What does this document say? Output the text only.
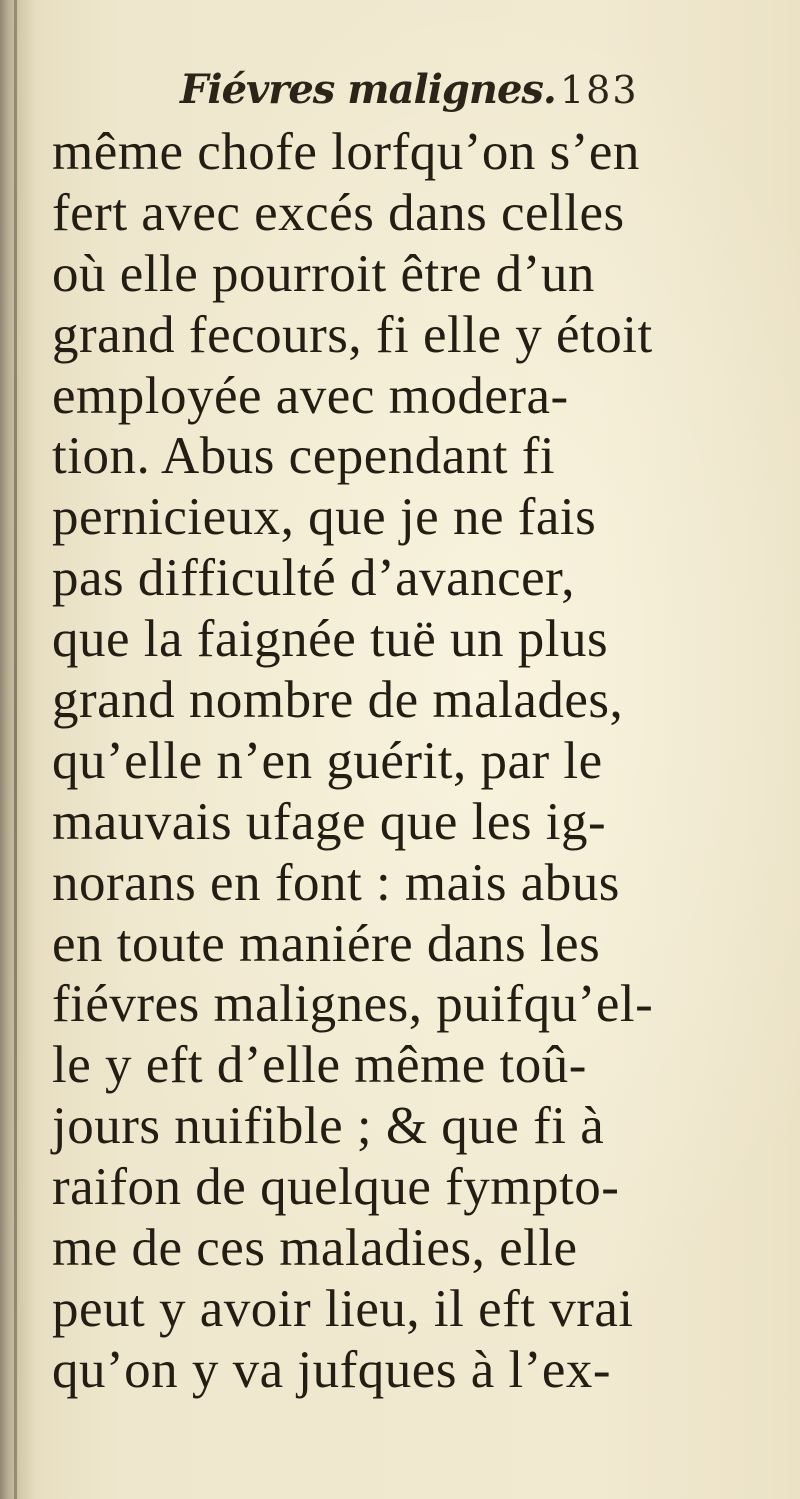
Fiévres malignes. 183
même chofe lorfqu’on s’en
fert avec excés dans celles
où elle pourroit être d’un
grand fecours, fi elle y étoit
employée avec modera-
tion. Abus cependant fi
pernicieux, que je ne fais
pas difficulté d’avancer,
que la faignée tuë un plus
grand nombre de malades,
qu’elle n’en guérit, par le
mauvais ufage que les ig-
norans en font : mais abus
en toute maniére dans les
fiévres malignes, puifqu’el-
le y eft d’elle même toû-
jours nuifible ; & que fi à
raifon de quelque fympto-
me de ces maladies, elle
peut y avoir lieu, il eft vrai
qu’on y va jufques à l’ex-
